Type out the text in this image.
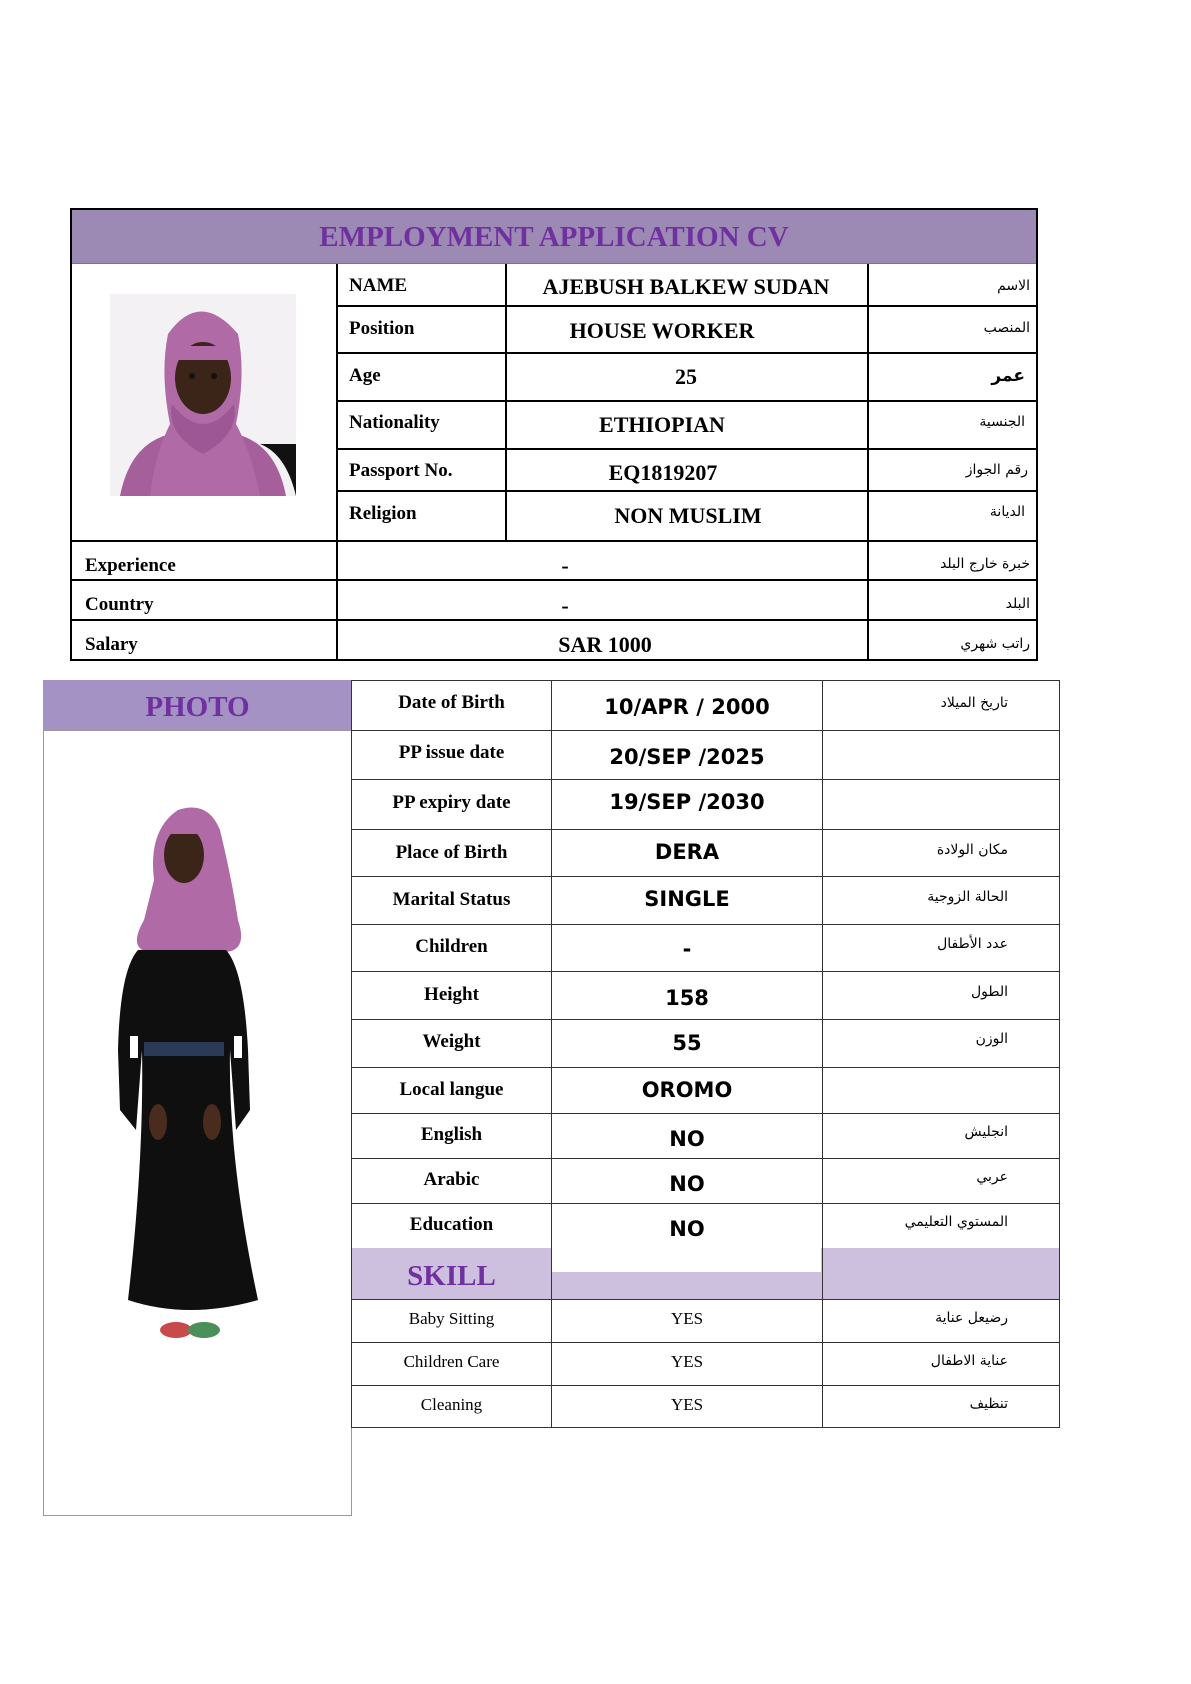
EMPLOYMENT APPLICATION CV
NAME	AJEBUSH BALKEW SUDAN	الاسم
Position	HOUSE WORKER	المنصب
Age	25	عمر
Nationality	ETHIOPIAN	الجنسية
Passport No.	EQ1819207	رقم الجواز
Religion	NON MUSLIM	الديانة
Experience	-	خبرة خارج البلد
Country	-	البلد
Salary	SAR 1000	راتب شهري
PHOTO	Date of Birth	10/APR / 2000	تاريخ الميلاد
PP issue date	20/SEP /2025
PP expiry date	19/SEP /2030
Place of Birth	DERA	مكان الولادة
Marital Status	SINGLE	الحالة الزوجية
Children	-	عدد الأطفال
Height	158	الطول
Weight	55	الوزن
Local langue	OROMO
English	NO	انجليش
Arabic	NO	عربي
Education	NO	المستوي التعليمي
SKILL
Baby Sitting	YES	رضيعل عناية
Children Care	YES	عناية الاطفال
Cleaning	YES	تنظيف
